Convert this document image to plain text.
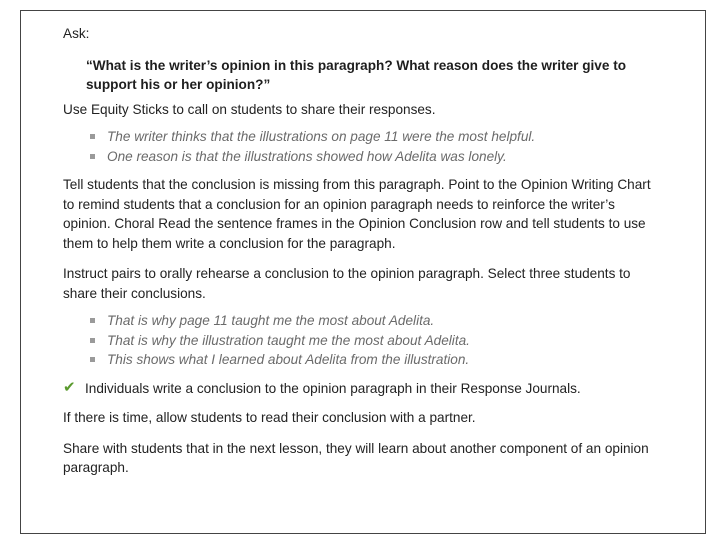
Ask:

“What is the writer’s opinion in this paragraph? What reason does the writer give to support his or her opinion?”

Use Equity Sticks to call on students to share their responses.

The writer thinks that the illustrations on page 11 were the most helpful.
One reason is that the illustrations showed how Adelita was lonely.

Tell students that the conclusion is missing from this paragraph. Point to the Opinion Writing Chart to remind students that a conclusion for an opinion paragraph needs to reinforce the writer’s opinion. Choral Read the sentence frames in the Opinion Conclusion row and tell students to use them to help them write a conclusion for the paragraph.

Instruct pairs to orally rehearse a conclusion to the opinion paragraph. Select three students to share their conclusions.

That is why page 11 taught me the most about Adelita.
That is why the illustration taught me the most about Adelita.
This shows what I learned about Adelita from the illustration.
✔ Individuals write a conclusion to the opinion paragraph in their Response Journals.

If there is time, allow students to read their conclusion with a partner.

Share with students that in the next lesson, they will learn about another component of an opinion paragraph.
